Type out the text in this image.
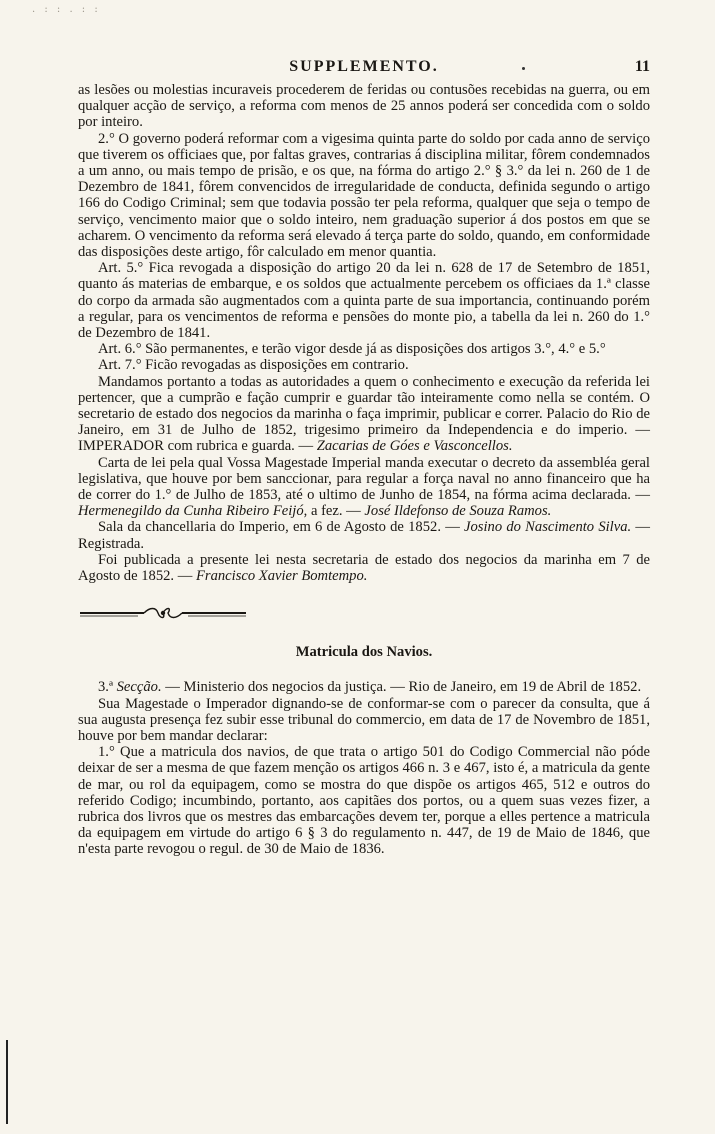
. : : . : :
SUPPLEMENTO.	11

as lesões ou molestias incuraveis procederem de feridas ou contusões recebidas na guerra, ou em qualquer acção de serviço, a reforma com menos de 25 annos poderá ser concedida com o soldo por inteiro.

2.° O governo poderá reformar com a vigesima quinta parte do soldo por cada anno de serviço que tiverem os officiaes que, por faltas graves, contrarias á disciplina militar, fôrem condemnados a um anno, ou mais tempo de prisão, e os que, na fórma do artigo 2.° § 3.° da lei n. 260 de 1 de Dezembro de 1841, fôrem convencidos de irregularidade de conducta, definida segundo o artigo 166 do Codigo Criminal; sem que todavia possão ter pela reforma, qualquer que seja o tempo de serviço, vencimento maior que o soldo inteiro, nem graduação superior á dos postos em que se acharem. O vencimento da reforma será elevado á terça parte do soldo, quando, em conformidade das disposições deste artigo, fôr calculado em menor quantia.

Art. 5.° Fica revogada a disposição do artigo 20 da lei n. 628 de 17 de Setembro de 1851, quanto ás materias de embarque, e os soldos que actualmente percebem os officiaes da 1.ª classe do corpo da armada são augmentados com a quinta parte de sua importancia, continuando porém a regular, para os vencimentos de reforma e pensões do monte pio, a tabella da lei n. 260 do 1.° de Dezembro de 1841.

Art. 6.° São permanentes, e terão vigor desde já as disposições dos artigos 3.°, 4.° e 5.°

Art. 7.° Ficão revogadas as disposições em contrario.

Mandamos portanto a todas as autoridades a quem o conhecimento e execução da referida lei pertencer, que a cumprão e fação cumprir e guardar tão inteiramente como nella se contém. O secretario de estado dos negocios da marinha o faça imprimir, publicar e correr. Palacio do Rio de Janeiro, em 31 de Julho de 1852, trigesimo primeiro da Independencia e do imperio. — IMPERADOR com rubrica e guarda. — Zacarias de Góes e Vasconcellos.

Carta de lei pela qual Vossa Magestade Imperial manda executar o decreto da assembléa geral legislativa, que houve por bem sanccionar, para regular a força naval no anno financeiro que ha de correr do 1.° de Julho de 1853, até o ultimo de Junho de 1854, na fórma acima declarada. — Hermenegildo da Cunha Ribeiro Feijó, a fez. — José Ildefonso de Souza Ramos.

Sala da chancellaria do Imperio, em 6 de Agosto de 1852. — Josino do Nascimento Silva. — Registrada.

Foi publicada a presente lei nesta secretaria de estado dos negocios da marinha em 7 de Agosto de 1852. — Francisco Xavier Bomtempo.

Matricula dos Navios.

3.ª Secção. — Ministerio dos negocios da justiça. — Rio de Janeiro, em 19 de Abril de 1852.

Sua Magestade o Imperador dignando-se de conformar-se com o parecer da consulta, que á sua augusta presença fez subir esse tribunal do commercio, em data de 17 de Novembro de 1851, houve por bem mandar declarar:

1.° Que a matricula dos navios, de que trata o artigo 501 do Codigo Commercial não póde deixar de ser a mesma de que fazem menção os artigos 466 n. 3 e 467, isto é, a matricula da gente de mar, ou rol da equipagem, como se mostra do que dispõe os artigos 465, 512 e outros do referido Codigo; incumbindo, portanto, aos capitães dos portos, ou a quem suas vezes fizer, a rubrica dos livros que os mestres das embarcações devem ter, porque a elles pertence a matricula da equipagem em virtude do artigo 6 § 3 do regulamento n. 447, de 19 de Maio de 1846, que n'esta parte revogou o regul. de 30 de Maio de 1836.
